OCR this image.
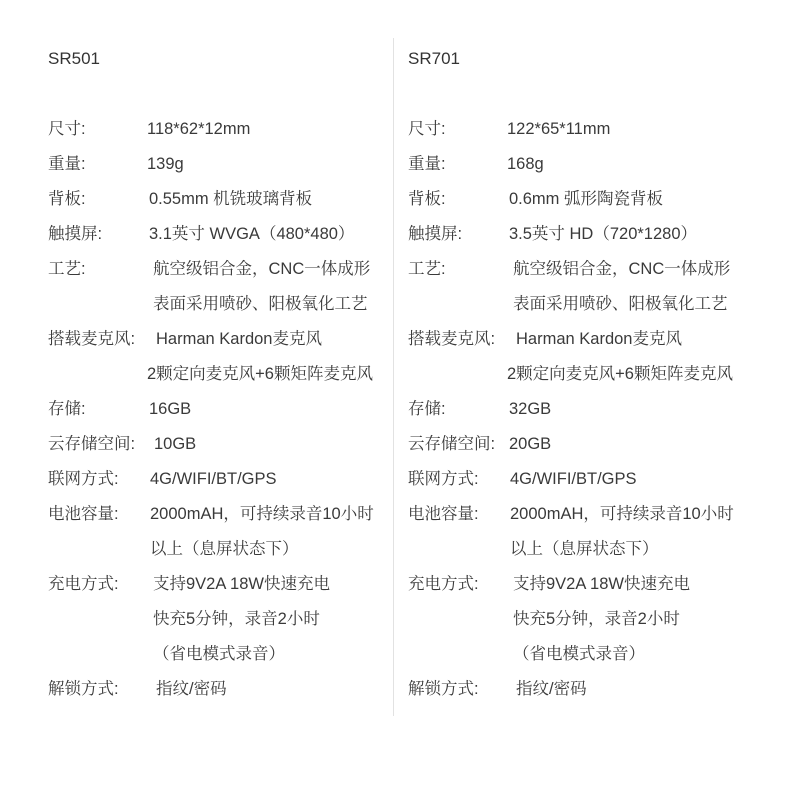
SR501
尺寸:	118*62*12mm
重量:	139g
背板:	0.55mm 机铣玻璃背板
触摸屏:	3.1英寸 WVGA（480*480）
工艺:	航空级铝合金，CNC一体成形
表面采用喷砂、阳极氧化工艺
搭载麦克风: Harman Kardon麦克风
2颗定向麦克风+6颗矩阵麦克风
存储:	16GB
云存储空间: 10GB
联网方式: 4G/WIFI/BT/GPS
电池容量: 2000mAH，可持续录音10小时
以上（息屏状态下）
充电方式: 支持9V2A 18W快速充电
快充5分钟，录音2小时
（省电模式录音）
解锁方式: 指纹/密码
SR701
尺寸:	122*65*11mm
重量:	168g
背板:	0.6mm 弧形陶瓷背板
触摸屏:	3.5英寸 HD（720*1280）
工艺:	航空级铝合金，CNC一体成形
表面采用喷砂、阳极氧化工艺
搭载麦克风: Harman Kardon麦克风
2颗定向麦克风+6颗矩阵麦克风
存储:	32GB
云存储空间: 20GB
联网方式: 4G/WIFI/BT/GPS
电池容量: 2000mAH，可持续录音10小时
以上（息屏状态下）
充电方式: 支持9V2A 18W快速充电
快充5分钟，录音2小时
（省电模式录音）
解锁方式: 指纹/密码
